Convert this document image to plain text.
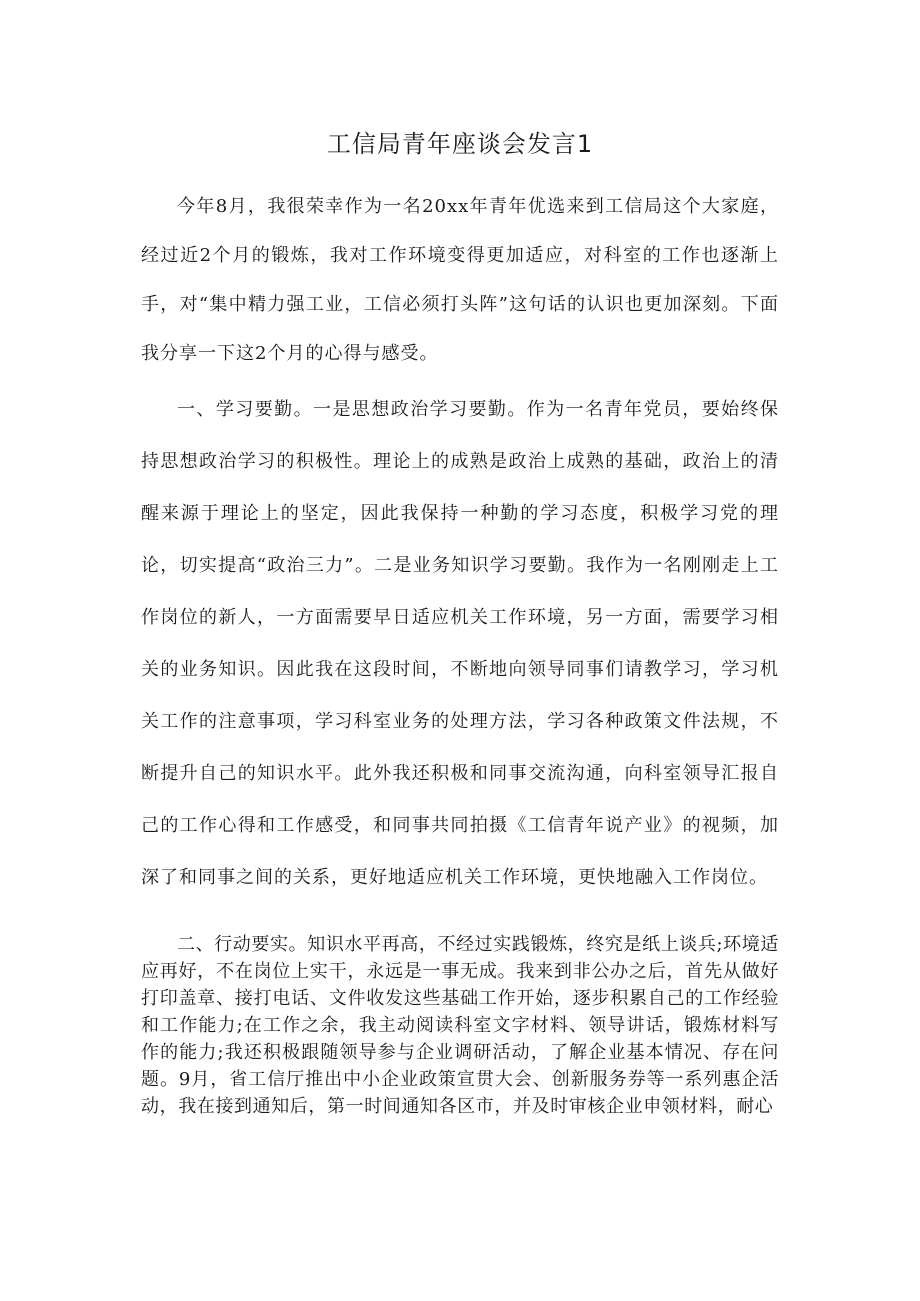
工信局青年座谈会发言1

今年8月，我很荣幸作为一名20xx年青年优选来到工信局这个大家庭，经过近2个月的锻炼，我对工作环境变得更加适应，对科室的工作也逐渐上手，对“集中精力强工业，工信必须打头阵”这句话的认识也更加深刻。下面我分享一下这2个月的心得与感受。

一、学习要勤。一是思想政治学习要勤。作为一名青年党员，要始终保持思想政治学习的积极性。理论上的成熟是政治上成熟的基础，政治上的清醒来源于理论上的坚定，因此我保持一种勤的学习态度，积极学习党的理论，切实提高“政治三力”。二是业务知识学习要勤。我作为一名刚刚走上工作岗位的新人，一方面需要早日适应机关工作环境，另一方面，需要学习相关的业务知识。因此我在这段时间，不断地向领导同事们请教学习，学习机关工作的注意事项，学习科室业务的处理方法，学习各种政策文件法规，不断提升自己的知识水平。此外我还积极和同事交流沟通，向科室领导汇报自己的工作心得和工作感受，和同事共同拍摄《工信青年说产业》的视频，加深了和同事之间的关系，更好地适应机关工作环境，更快地融入工作岗位。

二、行动要实。知识水平再高，不经过实践锻炼，终究是纸上谈兵;环境适应再好，不在岗位上实干，永远是一事无成。我来到非公办之后，首先从做好打印盖章、接打电话、文件收发这些基础工作开始，逐步积累自己的工作经验和工作能力;在工作之余，我主动阅读科室文字材料、领导讲话，锻炼材料写作的能力;我还积极跟随领导参与企业调研活动，了解企业基本情况、存在问题。9月，省工信厅推出中小企业政策宣贯大会、创新服务券等一系列惠企活动，我在接到通知后，第一时间通知各区市，并及时审核企业申领材料，耐心
